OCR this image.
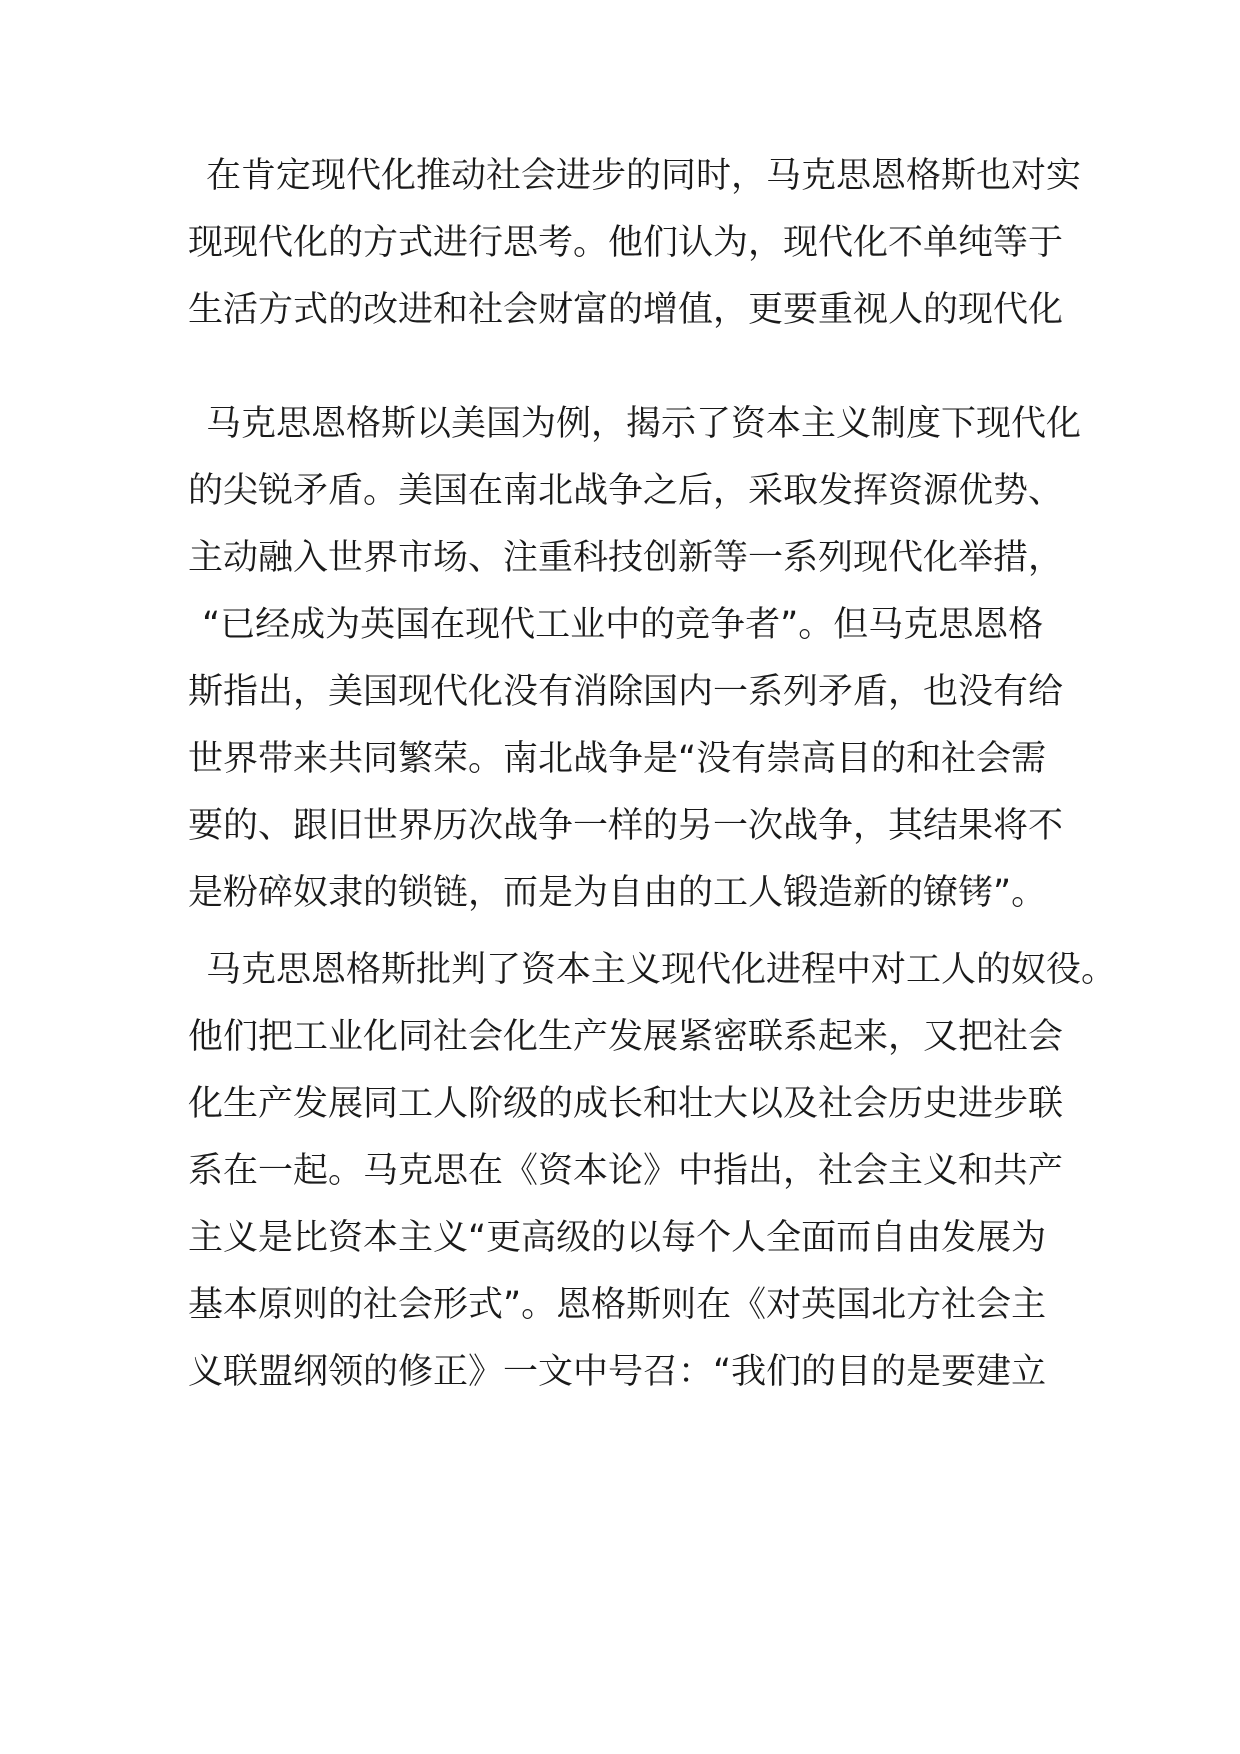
在肯定现代化推动社会进步的同时，马克思恩格斯也对实
现现代化的方式进行思考。他们认为，现代化不单纯等于
生活方式的改进和社会财富的增值，更要重视人的现代化
马克思恩格斯以美国为例，揭示了资本主义制度下现代化
的尖锐矛盾。美国在南北战争之后，采取发挥资源优势、
主动融入世界市场、注重科技创新等一系列现代化举措，
“已经成为英国在现代工业中的竞争者”。但马克思恩格
斯指出，美国现代化没有消除国内一系列矛盾，也没有给
世界带来共同繁荣。南北战争是“没有崇高目的和社会需
要的、跟旧世界历次战争一样的另一次战争，其结果将不
是粉碎奴隶的锁链，而是为自由的工人锻造新的镣铐”。
马克思恩格斯批判了资本主义现代化进程中对工人的奴役。
他们把工业化同社会化生产发展紧密联系起来，又把社会
化生产发展同工人阶级的成长和壮大以及社会历史进步联
系在一起。马克思在《资本论》中指出，社会主义和共产
主义是比资本主义“更高级的以每个人全面而自由发展为
基本原则的社会形式”。恩格斯则在《对英国北方社会主
义联盟纲领的修正》一文中号召：“我们的目的是要建立
